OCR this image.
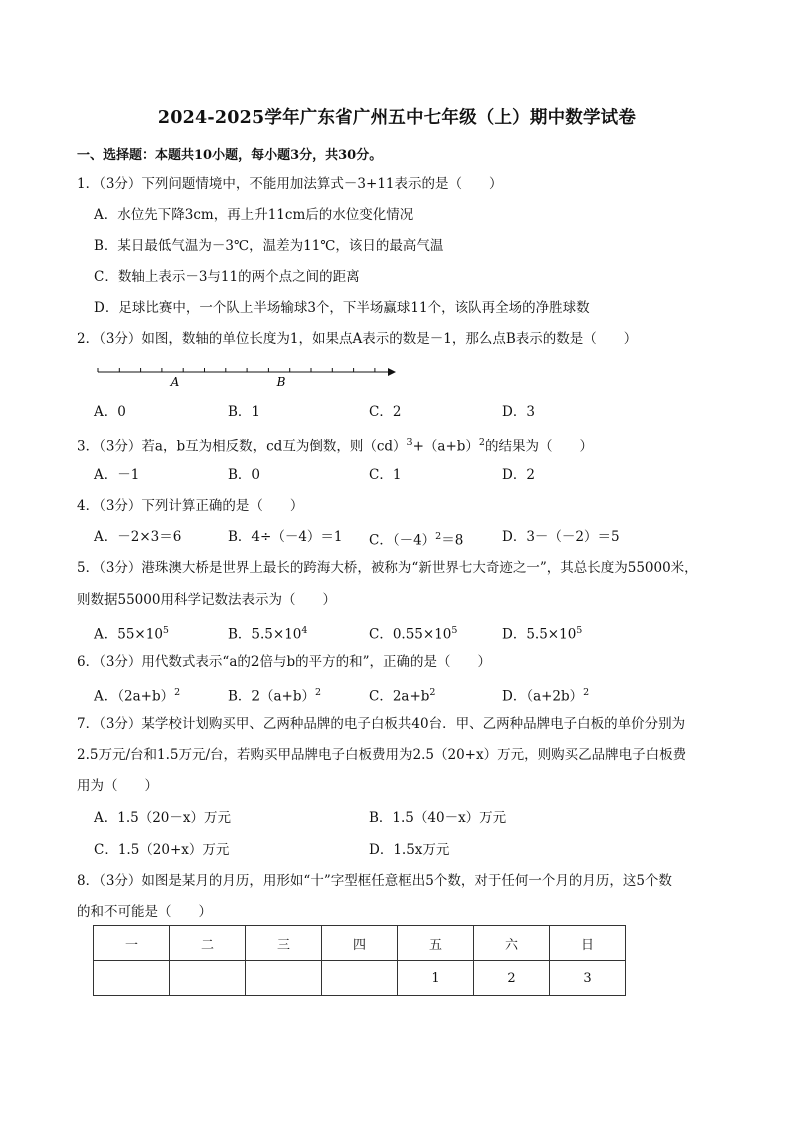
2024-2025学年广东省广州五中七年级（上）期中数学试卷
一、选择题：本题共10小题，每小题3分，共30分。
1．（3分）下列问题情境中，不能用加法算式－3+11表示的是（　　）
A．水位先下降3cm，再上升11cm后的水位变化情况
B．某日最低气温为－3℃，温差为11℃，该日的最高气温
C．数轴上表示－3与11的两个点之间的距离
D．足球比赛中，一个队上半场输球3个，下半场赢球11个，该队再全场的净胜球数
2．（3分）如图，数轴的单位长度为1，如果点A表示的数是－1，那么点B表示的数是（　　）
A	B
A．0	B．1	C．2	D．3
3．（3分）若a，b互为相反数，cd互为倒数，则$(cd)^3+(a+b)^2$的结果为（　　）
A．－1	B．0	C．1	D．2
4．（3分）下列计算正确的是（　　）
A．－2×3＝6	B．4÷（－4）＝1 C．$(-4)^2=8$	D．3－（－2）＝5
5．（3分）港珠澳大桥是世界上最长的跨海大桥，被称为“新世界七大奇迹之一”，其总长度为55000米，
则数据55000用科学记数法表示为（　　）
A．$55\times 10^5$	B．$5.5\times 10^4$	C．$0.55\times 10^5$	D．$5.5\times 10^5$
6．（3分）用代数式表示“a的2倍与b的平方的和”，正确的是（　　）
A．$(2a+b)^2$	B．$2(a+b)^2$	C．$2a+b^2$	D．$(a+2b)^2$
7．（3分）某学校计划购买甲、乙两种品牌的电子白板共40台．甲、乙两种品牌电子白板的单价分别为
2.5万元/台和1.5万元/台，若购买甲品牌电子白板费用为2.5（20+x）万元，则购买乙品牌电子白板费
用为（　　）
A．1.5（20－x）万元	B．1.5（40－x）万元
C．1.5（20+x）万元	D．1.5x万元
8．（3分）如图是某月的月历，用形如“十”字型框任意框出5个数，对于任何一个月的月历，这5个数
的和不可能是（　　）
一	二	三	四	五	六	日
				1	2	3
